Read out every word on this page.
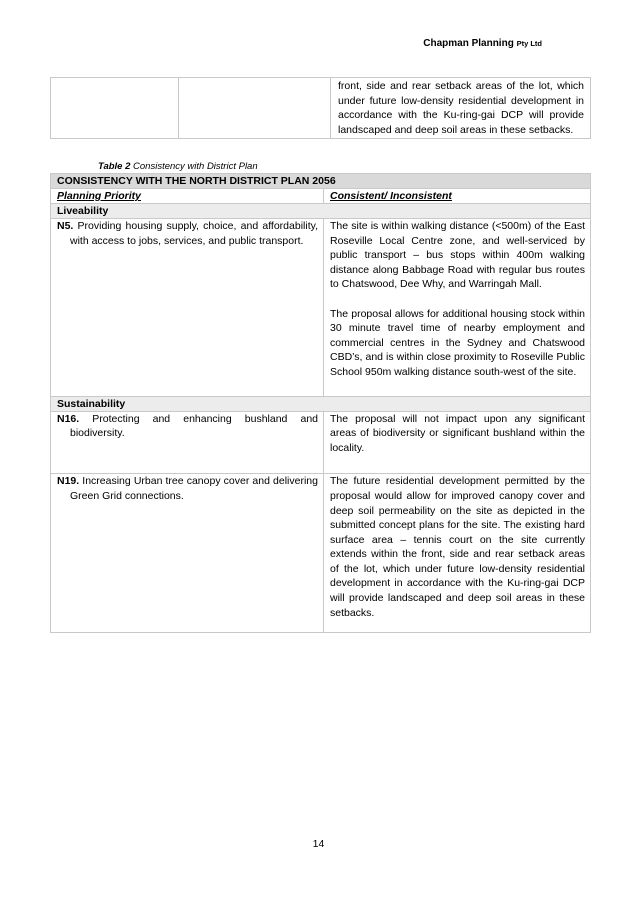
Chapman Planning Pty Ltd

front, side and rear setback areas of the lot, which under future low-density residential development in accordance with the Ku-ring-gai DCP will provide landscaped and deep soil areas in these setbacks.
Table 2 Consistency with District Plan
CONSISTENCY WITH THE NORTH DISTRICT PLAN 2056	
Planning Priority	Consistent/ Inconsistent
Liveability	

N5. Providing housing supply, choice, and affordability, with access to jobs, services, and public transport.	The site is within walking distance (<500m) of the East Roseville Local Centre zone, and well-serviced by public transport – bus stops within 400m walking distance along Babbage Road with regular bus routes to Chatswood, Dee Why, and Warringah Mall.

The proposal allows for additional housing stock within 30 minute travel time of nearby employment and commercial centres in the Sydney and Chatswood CBD’s, and is within close proximity to Roseville Public School 950m walking distance south-west of the site.

Sustainability	

N16. Protecting and enhancing bushland and biodiversity.	The proposal will not impact upon any significant areas of biodiversity or significant bushland within the locality.

N19. Increasing Urban tree canopy cover and delivering Green Grid connections.	The future residential development permitted by the proposal would allow for improved canopy cover and deep soil permeability on the site as depicted in the submitted concept plans for the site. The existing hard surface area – tennis court on the site currently extends within the front, side and rear setback areas of the lot, which under future low-density residential development in accordance with the Ku-ring-gai DCP will provide landscaped and deep soil areas in these setbacks.

14
